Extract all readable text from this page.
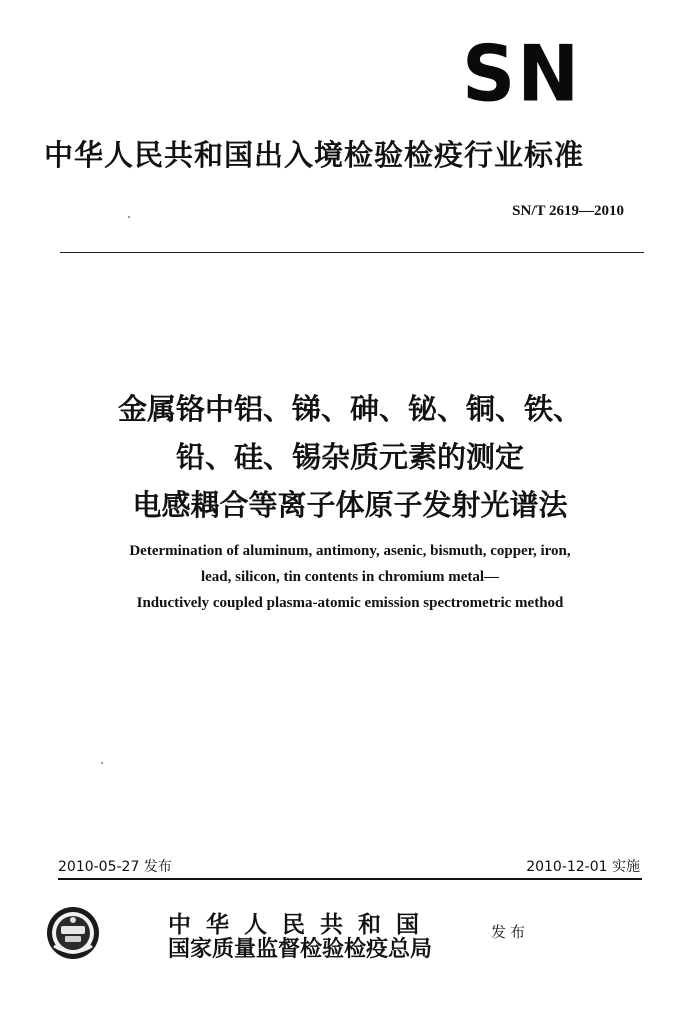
SN
中华人民共和国出入境检验检疫行业标准
SN/T 2619—2010
金属铬中铝、锑、砷、铋、铜、铁、
铅、硅、锡杂质元素的测定
电感耦合等离子体原子发射光谱法
Determination of aluminum, antimony, asenic, bismuth, copper, iron,
lead, silicon, tin contents in chromium metal—
Inductively coupled plasma-atomic emission spectrometric method
2010-05-27 发布	2010-12-01 实施
中华人民共和国
国家质量监督检验检疫总局
发布
